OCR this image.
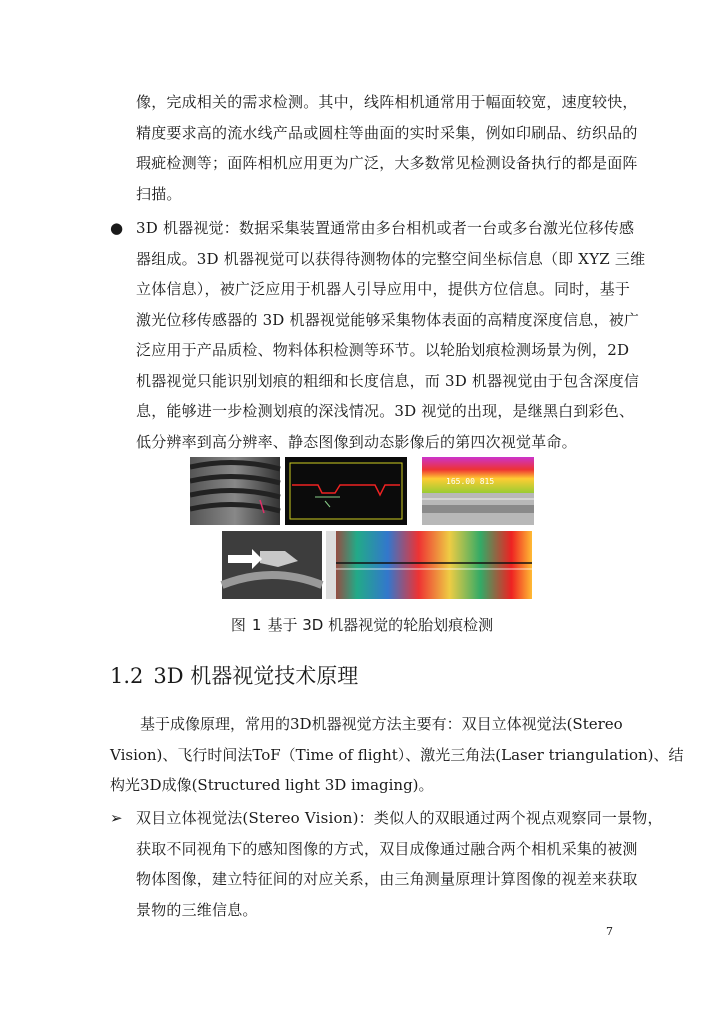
像，完成相关的需求检测。其中，线阵相机通常用于幅面较宽，速度较快，
精度要求高的流水线产品或圆柱等曲面的实时采集，例如印刷品、纺织品的
瑕疵检测等；面阵相机应用更为广泛，大多数常见检测设备执行的都是面阵
扫描。
● 3D 机器视觉：数据采集装置通常由多台相机或者一台或多台激光位移传感
器组成。3D 机器视觉可以获得待测物体的完整空间坐标信息（即 XYZ 三维
立体信息），被广泛应用于机器人引导应用中，提供方位信息。同时，基于
激光位移传感器的 3D 机器视觉能够采集物体表面的高精度深度信息，被广
泛应用于产品质检、物料体积检测等环节。以轮胎划痕检测场景为例，2D
机器视觉只能识别划痕的粗细和长度信息，而 3D 机器视觉由于包含深度信
息，能够进一步检测划痕的深浅情况。3D 视觉的出现，是继黑白到彩色、
低分辨率到高分辨率、静态图像到动态影像后的第四次视觉革命。
165.00 815
图 1 基于 3D 机器视觉的轮胎划痕检测
1.2 3D 机器视觉技术原理
基于成像原理，常用的3D机器视觉方法主要有：双目立体视觉法(Stereo
Vision)、飞行时间法ToF（Time of flight）、激光三角法(Laser triangulation)、结
构光3D成像(Structured light 3D imaging)。
➢ 双目立体视觉法(Stereo Vision)：类似人的双眼通过两个视点观察同一景物，
获取不同视角下的感知图像的方式，双目成像通过融合两个相机采集的被测
物体图像，建立特征间的对应关系，由三角测量原理计算图像的视差来获取
景物的三维信息。
7
